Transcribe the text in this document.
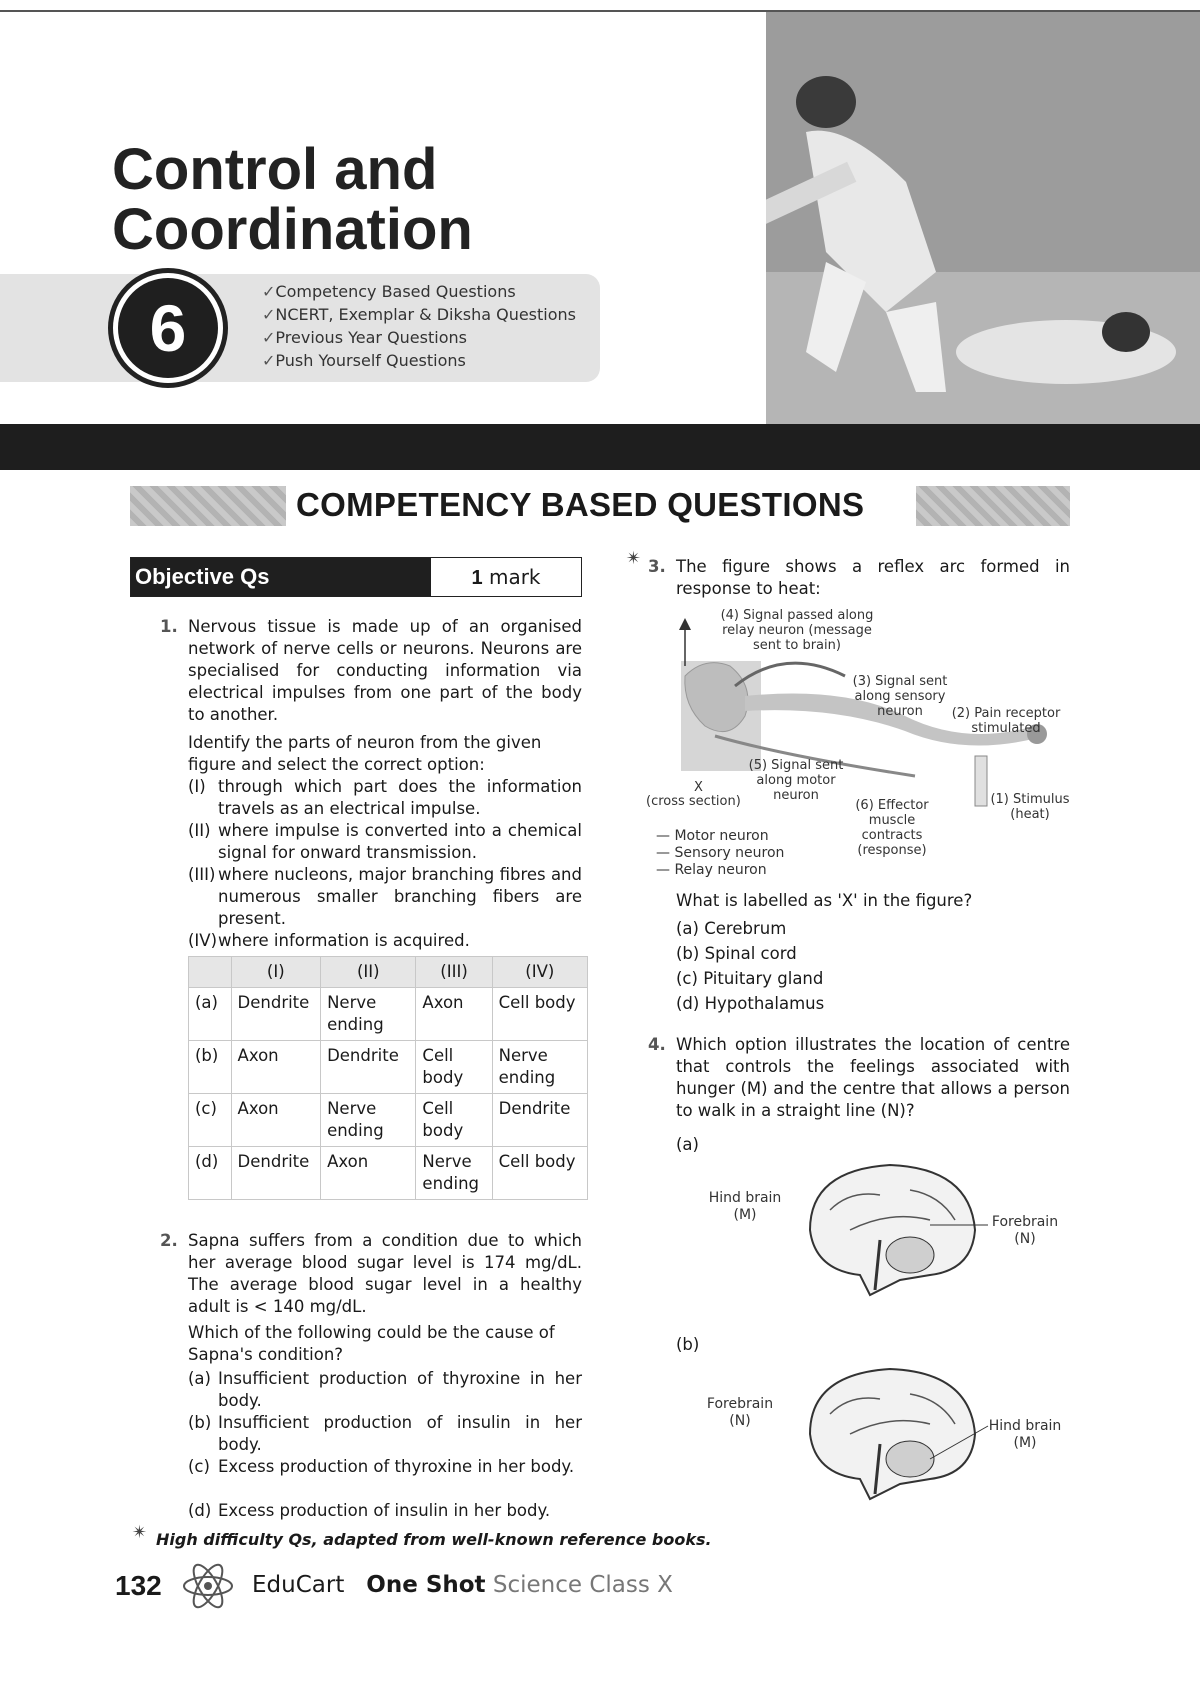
Control and
Coordination
6	✓ Competency Based Questions
✓ NCERT, Exemplar & Diksha Questions
✓ Previous Year Questions
✓ Push Yourself Questions
COMPETENCY BASED QUESTIONS
Objective Qs	1 mark
1. Nervous tissue is made up of an organised network of nerve cells or neurons. Neurons are specialised for conducting information via electrical impulses from one part of the body to another.
Identify the parts of neuron from the given figure and select the correct option:
(I) through which part does the information travels as an electrical impulse.
(II) where impulse is converted into a chemical signal for onward transmission.
(III) where nucleons, major branching fibres and numerous smaller branching fibers are present.
(IV) where information is acquired.
	(I)	(II)	(III)	(IV)
(a)	Dendrite	Nerve ending	Axon	Cell body
(b)	Axon	Dendrite	Cell body	Nerve ending
(c)	Axon	Nerve ending	Cell body	Dendrite
(d)	Dendrite	Axon	Nerve ending	Cell body
2. Sapna suffers from a condition due to which her average blood sugar level is 174 mg/dL. The average blood sugar level in a healthy adult is < 140 mg/dL.
Which of the following could be the cause of Sapna's condition?
(a) Insufficient production of thyroxine in her body.
(b) Insufficient production of insulin in her body.
(c) Excess production of thyroxine in her body.
(d) Excess production of insulin in her body.
✴ 3. The figure shows a reflex arc formed in response to heat:
(4) Signal passed along relay neuron (message sent to brain)
(3) Signal sent along sensory neuron	(2) Pain receptor stimulated
(5) Signal sent along motor neuron
X
(cross section)	(6) Effector muscle contracts (response)
(1) Stimulus (heat)
— Motor neuron
— Sensory neuron
— Relay neuron
What is labelled as 'X' in the figure?
(a) Cerebrum
(b) Spinal cord
(c) Pituitary gland
(d) Hypothalamus
4. Which option illustrates the location of centre that controls the feelings associated with hunger (M) and the centre that allows a person to walk in a straight line (N)?
(a)
Hind brain (M)	Forebrain (N)
(b)
Forebrain (N)	Hind brain (M)
✴ High difficulty Qs, adapted from well-known reference books.
132	EduCart One Shot Science Class X
